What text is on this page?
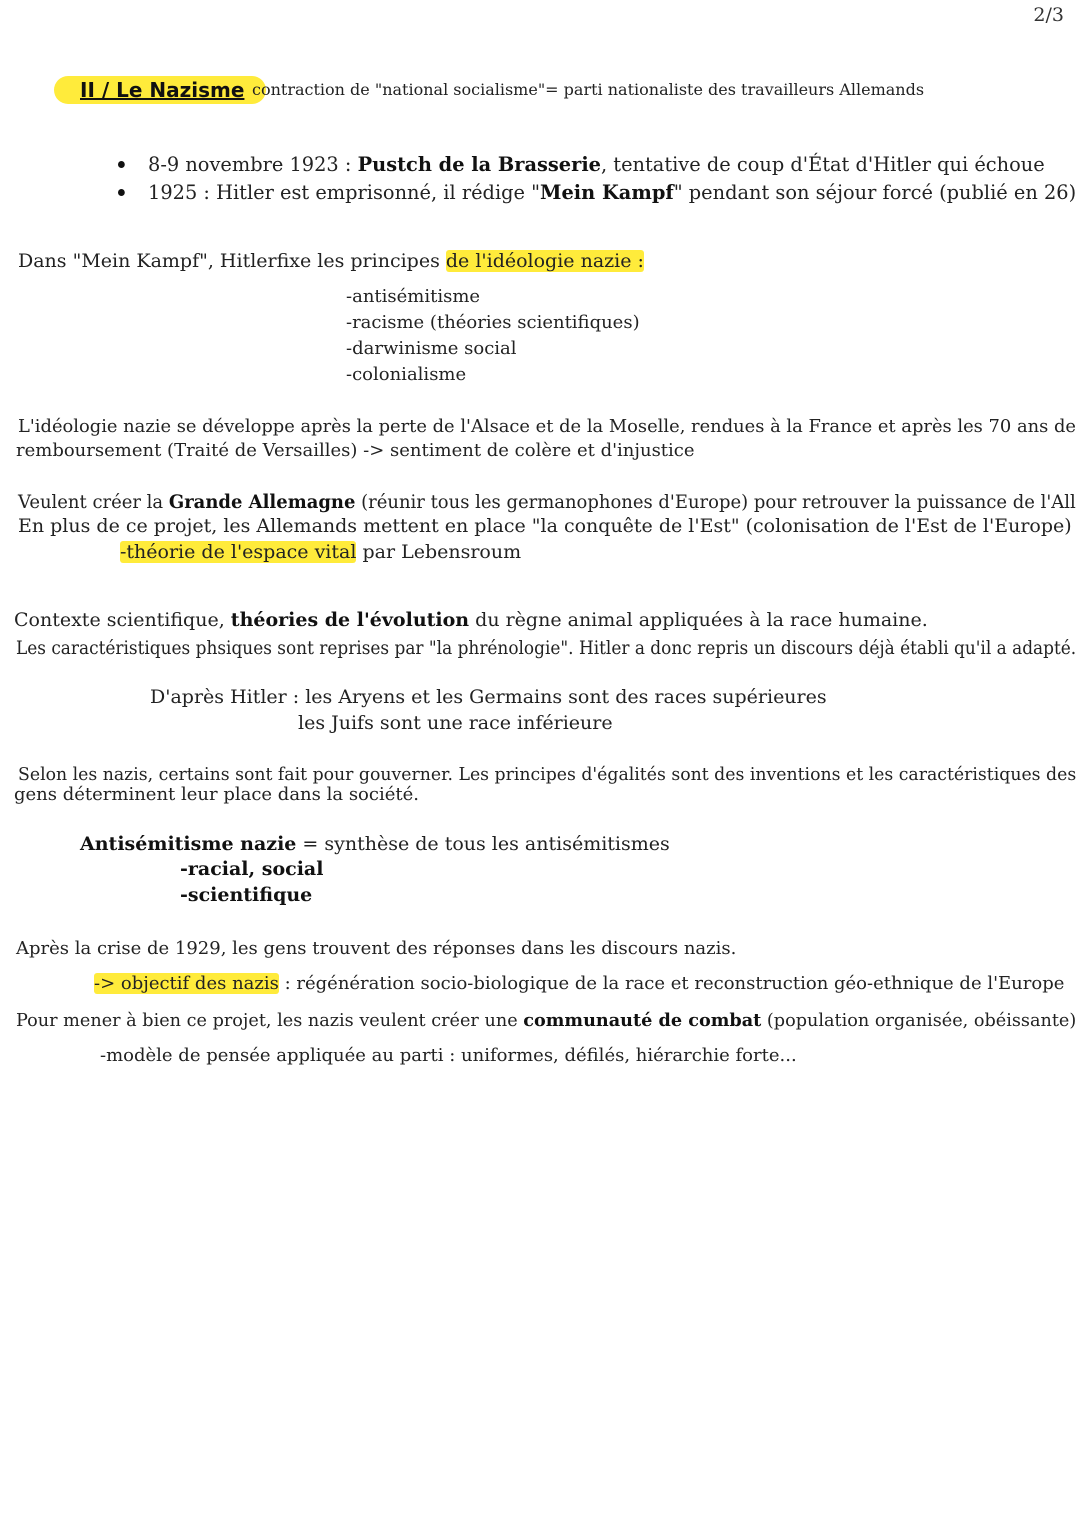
2/3
II / Le Nazisme contraction de "national socialisme"= parti nationaliste des travailleurs Allemands
8-9 novembre 1923 : Pustch de la Brasserie, tentative de coup d'État d'Hitler qui échoue
1925 : Hitler est emprisonné, il rédige "Mein Kampf" pendant son séjour forcé (publié en 26)
Dans "Mein Kampf", Hitlerfixe les principes de l'idéologie nazie :
-antisémitisme
-racisme (théories scientifiques)
-darwinisme social
-colonialisme
L'idéologie nazie se développe après la perte de l'Alsace et de la Moselle, rendues à la France et après les 70 ans de
remboursement (Traité de Versailles) -> sentiment de colère et d'injustice
Veulent créer la Grande Allemagne (réunir tous les germanophones d'Europe) pour retrouver la puissance de l'All
En plus de ce projet, les Allemands mettent en place "la conquête de l'Est" (colonisation de l'Est de l'Europe)
-théorie de l'espace vital par Lebensroum
Contexte scientifique, théories de l'évolution du règne animal appliquées à la race humaine.
Les caractéristiques phsiques sont reprises par "la phrénologie". Hitler a donc repris un discours déjà établi qu'il a adapté.
D'après Hitler : les Aryens et les Germains sont des races supérieures
les Juifs sont une race inférieure
Selon les nazis, certains sont fait pour gouverner. Les principes d'égalités sont des inventions et les caractéristiques des
gens déterminent leur place dans la société.
Antisémitisme nazie = synthèse de tous les antisémitismes
-racial, social
-scientifique
Après la crise de 1929, les gens trouvent des réponses dans les discours nazis.
-> objectif des nazis : régénération socio-biologique de la race et reconstruction géo-ethnique de l'Europe
Pour mener à bien ce projet, les nazis veulent créer une communauté de combat (population organisée, obéissante)
-modèle de pensée appliquée au parti : uniformes, défilés, hiérarchie forte...
